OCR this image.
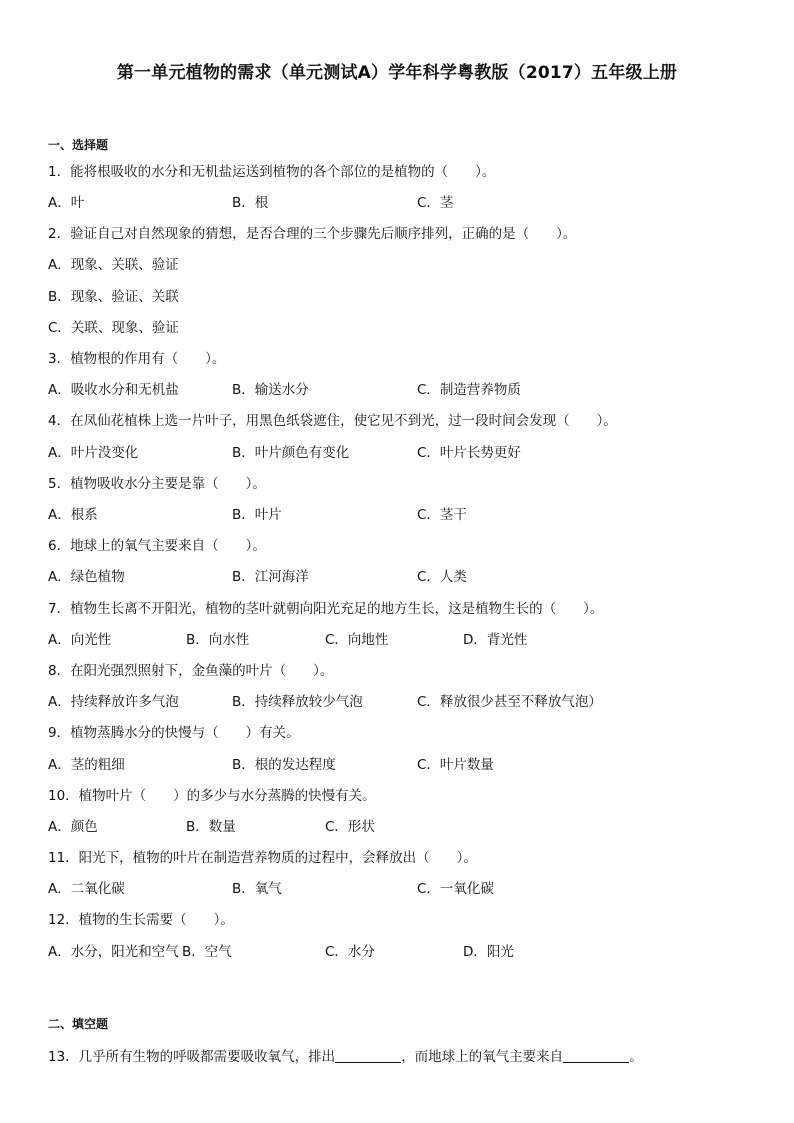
第一单元植物的需求（单元测试A）学年科学粤教版（2017）五年级上册
一、选择题
1．能将根吸收的水分和无机盐运送到植物的各个部位的是植物的（　　）。
A．叶	B．根	C．茎
2．验证自己对自然现象的猜想，是否合理的三个步骤先后顺序排列，正确的是（　　）。
A．现象、关联、验证
B．现象、验证、关联
C．关联、现象、验证
3．植物根的作用有（　　）。
A．吸收水分和无机盐	B．输送水分	C．制造营养物质
4．在凤仙花植株上选一片叶子，用黑色纸袋遮住，使它见不到光，过一段时间会发现（　　）。
A．叶片没变化	B．叶片颜色有变化	C．叶片长势更好
5．植物吸收水分主要是靠（　　）。
A．根系	B．叶片	C．茎干
6．地球上的氧气主要来自（　　）。
A．绿色植物	B．江河海洋	C．人类
7．植物生长离不开阳光，植物的茎叶就朝向阳光充足的地方生长，这是植物生长的（　　）。
A．向光性	B．向水性	C．向地性	D．背光性
8．在阳光强烈照射下，金鱼藻的叶片（　　）。
A．持续释放许多气泡	B．持续释放较少气泡	C．释放很少甚至不释放气泡）
9．植物蒸腾水分的快慢与（　　）有关。
A．茎的粗细	B．根的发达程度	C．叶片数量
10．植物叶片（　　）的多少与水分蒸腾的快慢有关。
A．颜色	B．数量	C．形状
11．阳光下，植物的叶片在制造营养物质的过程中，会释放出（　　）。
A．二氧化碳	B．氧气	C．一氧化碳
12．植物的生长需要（　　）。
A．水分，阳光和空气 B．空气	C．水分	D．阳光
二、填空题
13．几乎所有生物的呼吸都需要吸收氧气，排出	，而地球上的氧气主要来自	。
